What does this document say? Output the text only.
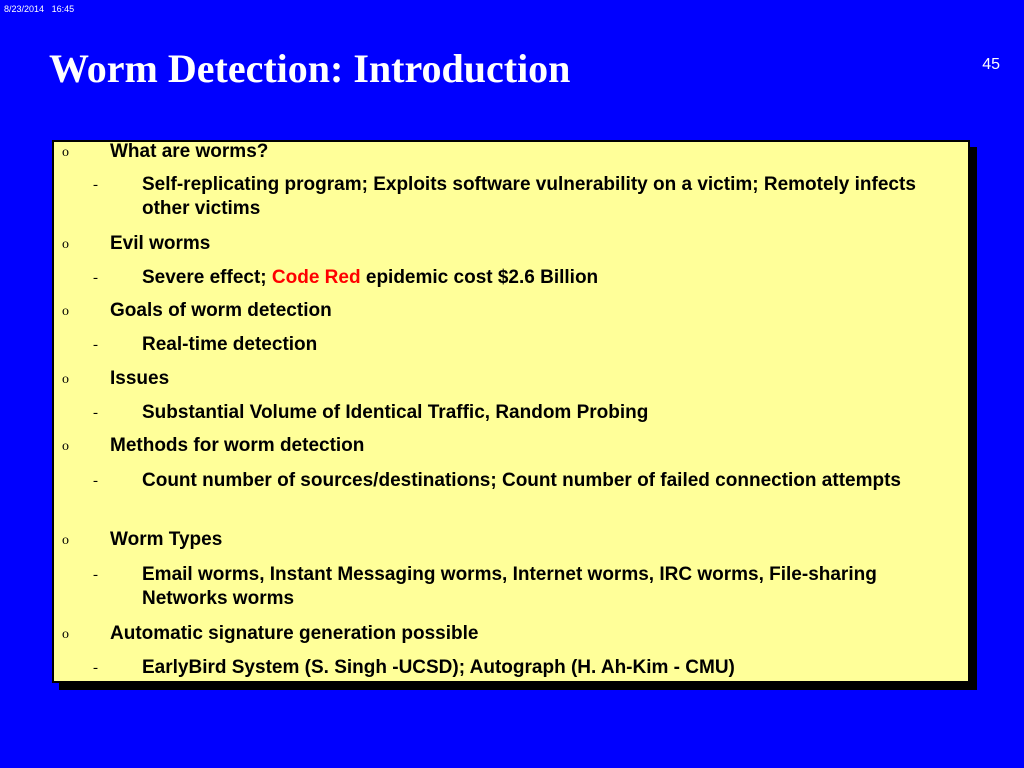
8/23/2014 16:45
Worm Detection: Introduction	45
o What are worms?
- Self-replicating program; Exploits software vulnerability on a victim; Remotely infects other victims
o Evil worms
- Severe effect; Code Red epidemic cost $2.6 Billion
o Goals of worm detection
- Real-time detection
o Issues
- Substantial Volume of Identical Traffic, Random Probing
o Methods for worm detection
- Count number of sources/destinations; Count number of failed connection attempts
o Worm Types
- Email worms, Instant Messaging worms, Internet worms, IRC worms, File-sharing Networks worms
o Automatic signature generation possible
- EarlyBird System (S. Singh -UCSD); Autograph (H. Ah-Kim - CMU)
